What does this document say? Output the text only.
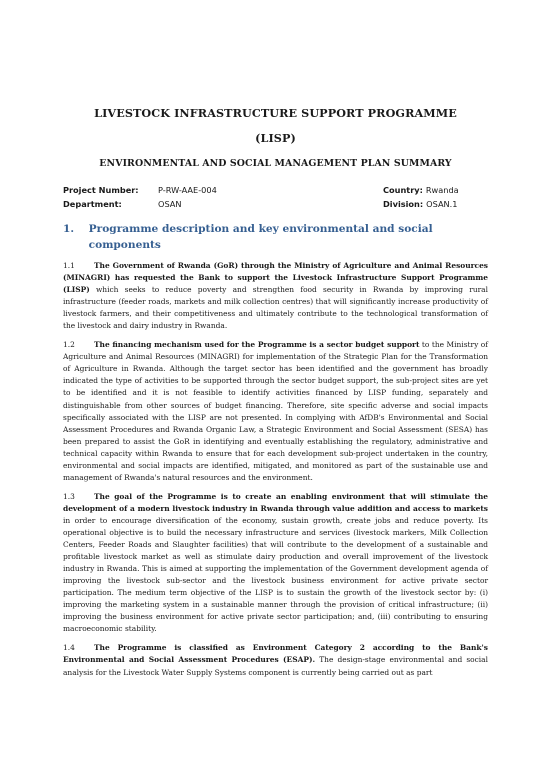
LIVESTOCK INFRASTRUCTURE SUPPORT PROGRAMME

(LISP)

ENVIRONMENTAL AND SOCIAL MANAGEMENT PLAN SUMMARY

Project Number:	P-RW-AAE-004	Country: Rwanda
Department:	OSAN	Division: OSAN.1
1.	Programme description and key environmental and social components

1.1	The Government of Rwanda (GoR) through the Ministry of Agriculture and Animal Resources (MINAGRI) has requested the Bank to support the Livestock Infrastructure Support Programme (LISP) which seeks to reduce poverty and strengthen food security in Rwanda by improving rural infrastructure (feeder roads, markets and milk collection centres) that will significantly increase productivity of livestock farmers, and their competitiveness and ultimately contribute to the technological transformation of the livestock and dairy industry in Rwanda.

1.2	The financing mechanism used for the Programme is a sector budget support to the Ministry of Agriculture and Animal Resources (MINAGRI) for implementation of the Strategic Plan for the Transformation of Agriculture in Rwanda. Although the target sector has been identified and the government has broadly indicated the type of activities to be supported through the sector budget support, the sub-project sites are yet to be identified and it is not feasible to identify activities financed by LISP funding, separately and distinguishable from other sources of budget financing. Therefore, site specific adverse and social impacts specifically associated with the LISP are not presented. In complying with AfDB's Environmental and Social Assessment Procedures and Rwanda Organic Law, a Strategic Environment and Social Assessment (SESA) has been prepared to assist the GoR in identifying and eventually establishing the regulatory, administrative and technical capacity within Rwanda to ensure that for each development sub-project undertaken in the country, environmental and social impacts are identified, mitigated, and monitored as part of the sustainable use and management of Rwanda's natural resources and the environment.

1.3	The goal of the Programme is to create an enabling environment that will stimulate the development of a modern livestock industry in Rwanda through value addition and access to markets in order to encourage diversification of the economy, sustain growth, create jobs and reduce poverty. Its operational objective is to build the necessary infrastructure and services (livestock markers, Milk Collection Centers, Feeder Roads and Slaughter facilities) that will contribute to the development of a sustainable and profitable livestock market as well as stimulate dairy production and overall improvement of the livestock industry in Rwanda. This is aimed at supporting the implementation of the Government development agenda of improving the livestock sub-sector and the livestock business environment for active private sector participation. The medium term objective of the LISP is to sustain the growth of the livestock sector by: (i) improving the marketing system in a sustainable manner through the provision of critical infrastructure; (ii) improving the business environment for active private sector participation; and, (iii) contributing to ensuring macroeconomic stability.

1.4	The Programme is classified as Environment Category 2 according to the Bank's Environmental and Social Assessment Procedures (ESAP). The design-stage environmental and social analysis for the Livestock Water Supply Systems component is currently being carried out as part
